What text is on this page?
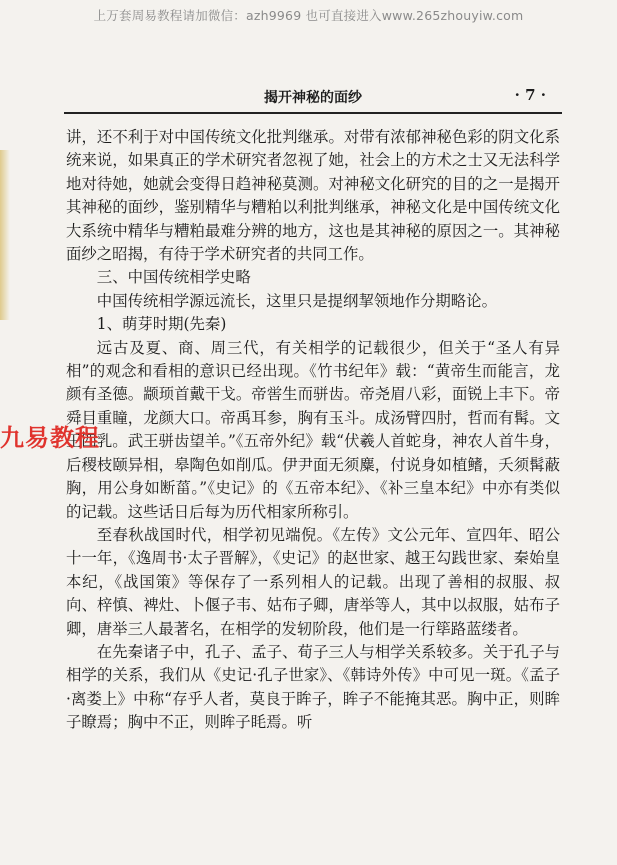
上万套周易教程请加微信：azh9969 也可直接进入www.265zhouyiw.com
揭开神秘的面纱	· 7 ·

讲，还不利于对中国传统文化批判继承。对带有浓郁神秘色彩的阴文化系统来说，如果真正的学术研究者忽视了她，社会上的方术之士又无法科学地对待她，她就会变得日趋神秘莫测。对神秘文化研究的目的之一是揭开其神秘的面纱，鉴别精华与糟粕以利批判继承，神秘文化是中国传统文化大系统中精华与糟粕最难分辨的地方，这也是其神秘的原因之一。其神秘面纱之昭揭，有待于学术研究者的共同工作。

三、中国传统相学史略

中国传统相学源远流长，这里只是提纲挈领地作分期略论。

1、萌芽时期(先秦)

远古及夏、商、周三代，有关相学的记载很少，但关于“圣人有异相”的观念和看相的意识已经出现。《竹书纪年》载：“黄帝生而能言，龙颜有圣德。颛顼首戴干戈。帝喾生而骈齿。帝尧眉八彩，面锐上丰下。帝舜目重瞳，龙颜大口。帝禹耳参，胸有玉斗。成汤臂四肘，哲而有髯。文王四乳。武王骈齿望羊。”《五帝外纪》载“伏羲人首蛇身，神农人首牛身，后稷枝颐异相，皋陶色如削瓜。伊尹面无须麋，付说身如植鳍，夭须髯蔽胸，用公身如断菑。”《史记》的《五帝本纪》、《补三皇本纪》中亦有类似的记载。这些话日后每为历代相家所称引。

至春秋战国时代，相学初见端倪。《左传》文公元年、宣四年、昭公十一年，《逸周书·太子晋解》，《史记》的赵世家、越王勾践世家、秦始皇本纪，《战国策》等保存了一系列相人的记载。出现了善相的叔服、叔向、梓慎、裨灶、卜偃子韦、姑布子卿，唐举等人，其中以叔服，姑布子卿，唐举三人最著名，在相学的发轫阶段，他们是一行筚路蓝缕者。

在先秦诸子中，孔子、孟子、荀子三人与相学关系较多。关于孔子与相学的关系，我们从《史记·孔子世家》、《韩诗外传》中可见一斑。《孟子·离娄上》中称“存乎人者，莫良于眸子，眸子不能掩其恶。胸中正，则眸子瞭焉；胸中不正，则眸子眊焉。听

九易教程
